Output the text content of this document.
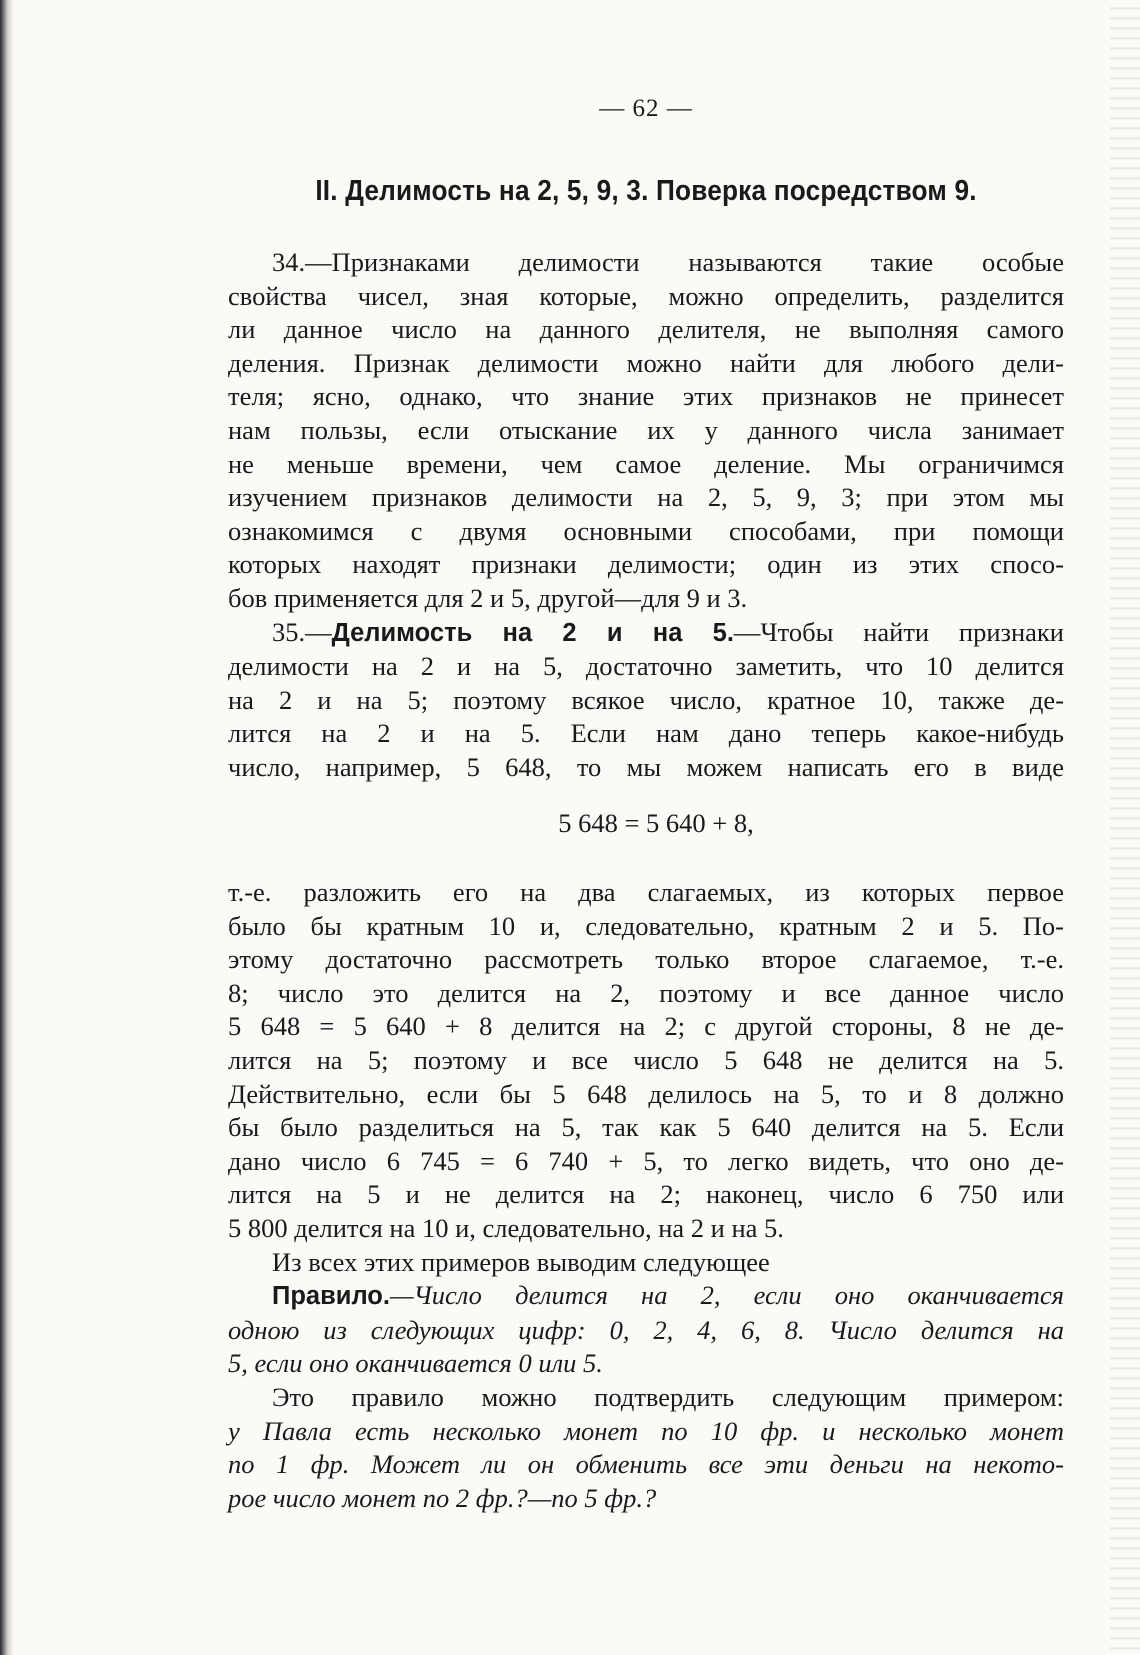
— 62 —
II. Делимость на 2, 5, 9, 3. Поверка посредством 9.
34.—Признаками делимости называются такие особые
свойства чисел, зная которые, можно определить, разделится
ли данное число на данного делителя, не выполняя самого
деления. Признак делимости можно найти для любого дели-
теля; ясно, однако, что знание этих признаков не принесет
нам пользы, если отыскание их у данного числа занимает
не меньше времени, чем самое деление. Мы ограничимся
изучением признаков делимости на 2, 5, 9, 3; при этом мы
ознакомимся с двумя основными способами, при помощи
которых находят признаки делимости; один из этих спосо-
бов применяется для 2 и 5, другой—для 9 и 3.
35.—Делимость на 2 и на 5.—Чтобы найти признаки
делимости на 2 и на 5, достаточно заметить, что 10 делится
на 2 и на 5; поэтому всякое число, кратное 10, также де-
лится на 2 и на 5. Если нам дано теперь какое-нибудь
число, например, 5 648, то мы можем написать его в виде
5 648 = 5 640 + 8,
т.-е. разложить его на два слагаемых, из которых первое
было бы кратным 10 и, следовательно, кратным 2 и 5. По-
этому достаточно рассмотреть только второе слагаемое, т.-е.
8; число это делится на 2, поэтому и все данное число
5 648 = 5 640 + 8 делится на 2; с другой стороны, 8 не де-
лится на 5; поэтому и все число 5 648 не делится на 5.
Действительно, если бы 5 648 делилось на 5, то и 8 должно
бы было разделиться на 5, так как 5 640 делится на 5. Если
дано число 6 745 = 6 740 + 5, то легко видеть, что оно де-
лится на 5 и не делится на 2; наконец, число 6 750 или
5 800 делится на 10 и, следовательно, на 2 и на 5.
Из всех этих примеров выводим следующее
Правило.—Число делится на 2, если оно оканчивается
одною из следующих цифр: 0, 2, 4, 6, 8. Число делится на
5, если оно оканчивается 0 или 5.
Это правило можно подтвердить следующим примером:
у Павла есть несколько монет по 10 фр. и несколько монет
по 1 фр. Может ли он обменить все эти деньги на некото-
рое число монет по 2 фр.?—по 5 фр.?
